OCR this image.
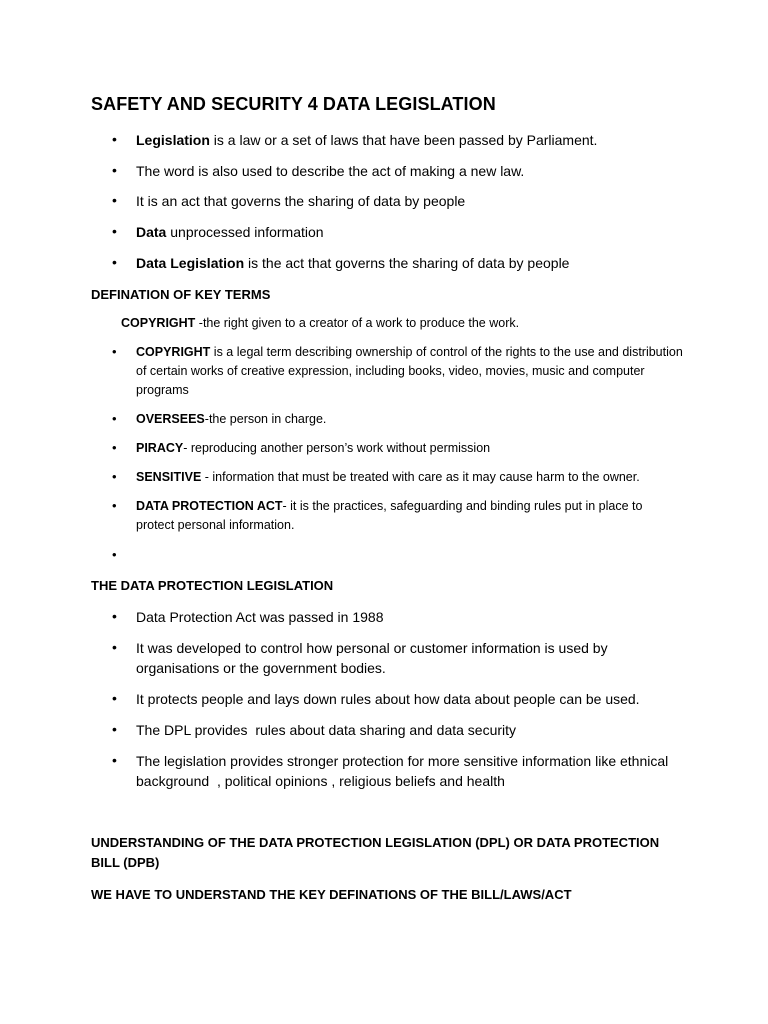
SAFETY AND SECURITY 4 DATA LEGISLATION
• Legislation is a law or a set of laws that have been passed by Parliament.
• The word is also used to describe the act of making a new law.
• It is an act that governs the sharing of data by people
• Data unprocessed information
• Data Legislation is the act that governs the sharing of data by people
DEFINATION OF KEY TERMS
COPYRIGHT -the right given to a creator of a work to produce the work.
• COPYRIGHT is a legal term describing ownership of control of the rights to the use and distribution of certain works of creative expression, including books, video, movies, music and computer programs
• OVERSEES-the person in charge.
• PIRACY- reproducing another person’s work without permission
• SENSITIVE - information that must be treated with care as it may cause harm to the owner.
• DATA PROTECTION ACT- it is the practices, safeguarding and binding rules put in place to protect personal information.
•
THE DATA PROTECTION LEGISLATION
• Data Protection Act was passed in 1988
• It was developed to control how personal or customer information is used by organisations or the government bodies.
• It protects people and lays down rules about how data about people can be used.
• The DPL provides  rules about data sharing and data security
• The legislation provides stronger protection for more sensitive information like ethnical background  , political opinions , religious beliefs and health
UNDERSTANDING OF THE DATA PROTECTION LEGISLATION (DPL) OR DATA PROTECTION BILL (DPB)
WE HAVE TO UNDERSTAND THE KEY DEFINATIONS OF THE BILL/LAWS/ACT
